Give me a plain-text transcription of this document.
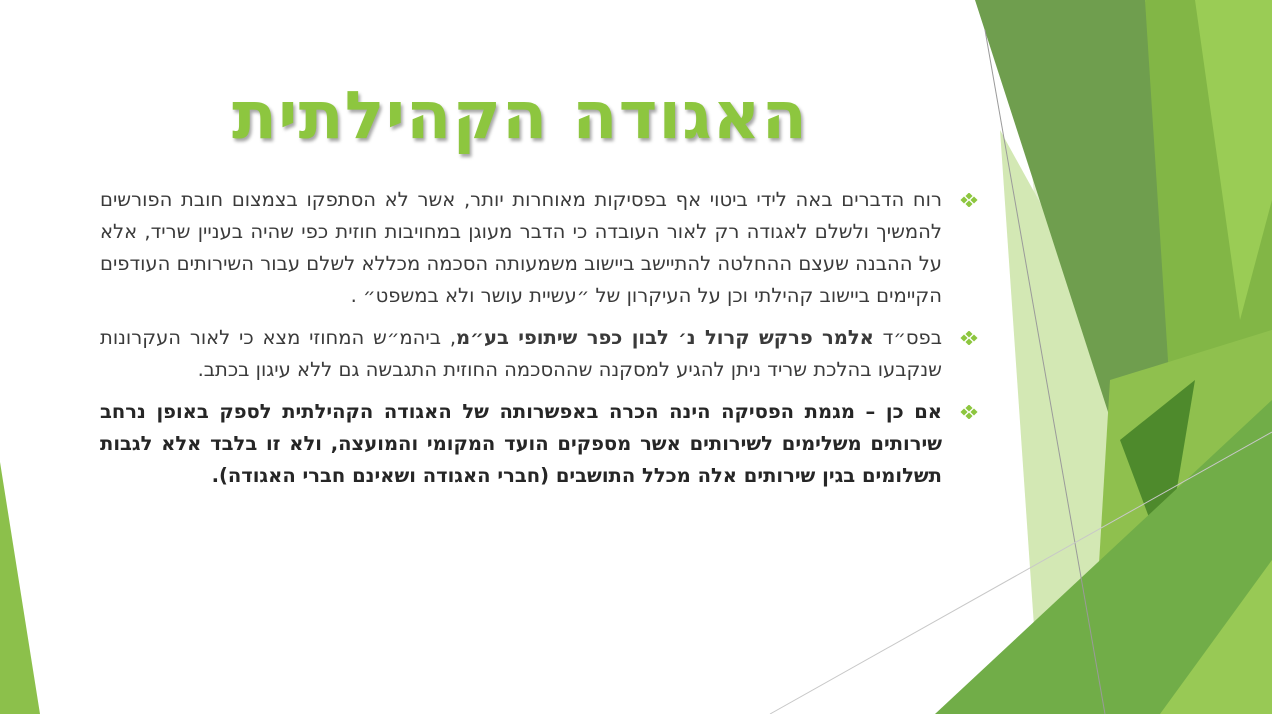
האגודה הקהילתית
רוח הדברים באה לידי ביטוי אף בפסיקות מאוחרות יותר, אשר לא הסתפקו בצמצום חובת הפורשים להמשיך ולשלם לאגודה רק לאור העובדה כי הדבר מעוגן במחויבות חוזית כפי שהיה בעניין שריד, אלא על ההבנה שעצם ההחלטה להתיישב ביישוב משמעותה הסכמה מכללא לשלם עבור השירותים העודפים הקיימים ביישוב קהילתי וכן על העיקרון של ״עשיית עושר ולא במשפט״ .
בפס״ד אלמר פרקש קרול נ׳ לבון כפר שיתופי בע״מ, ביהמ״ש המחוזי מצא כי לאור העקרונות שנקבעו בהלכת שריד ניתן להגיע למסקנה שההסכמה החוזית התגבשה גם ללא עיגון בכתב.
אם כן – מגמת הפסיקה הינה הכרה באפשרותה של האגודה הקהילתית לספק באופן נרחב שירותים משלימים לשירותים אשר מספקים הועד המקומי והמועצה, ולא זו בלבד אלא לגבות תשלומים בגין שירותים אלה מכלל התושבים (חברי האגודה ושאינם חברי האגודה).
